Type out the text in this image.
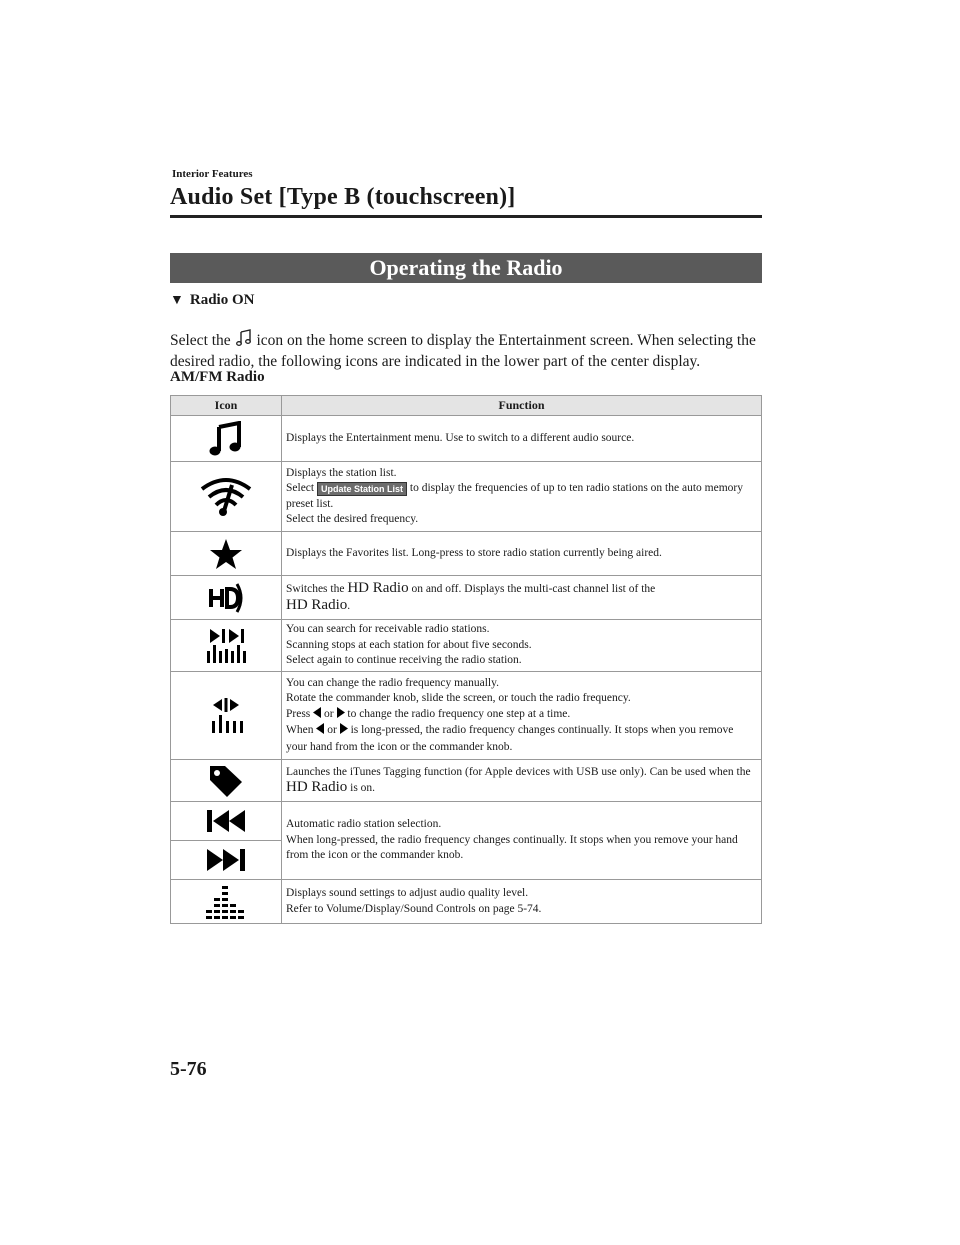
Interior Features
Audio Set [Type B (touchscreen)]
Operating the Radio
▼ Radio ON
Select the icon on the home screen to display the Entertainment screen. When selecting the desired radio, the following icons are indicated in the lower part of the center display.
AM/FM Radio
Icon	Function

	Displays the Entertainment menu. Use to switch to a different audio source.

Displays the station list.
Select Update Station List to display the frequencies of up to ten radio stations on the auto memory preset list.
Select the desired frequency.

	Displays the Favorites list. Long-press to store radio station currently being aired.

	Switches the HD Radio on and off. Displays the multi-cast channel list of the
HD Radio.

You can search for receivable radio stations.
Scanning stops at each station for about five seconds.
Select again to continue receiving the radio station.

You can change the radio frequency manually.
Rotate the commander knob, slide the screen, or touch the radio frequency.
Press or to change the radio frequency one step at a time.
When or is long-pressed, the radio frequency changes continually. It stops when you remove your hand from the icon or the commander knob.

	Launches the iTunes Tagging function (for Apple devices with USB use only). Can be used when the HD Radio is on.

Automatic radio station selection.
When long-pressed, the radio frequency changes continually. It stops when you remove your hand from the icon or the commander knob.

Displays sound settings to adjust audio quality level.
Refer to Volume/Display/Sound Controls on page 5-74.
5-76
